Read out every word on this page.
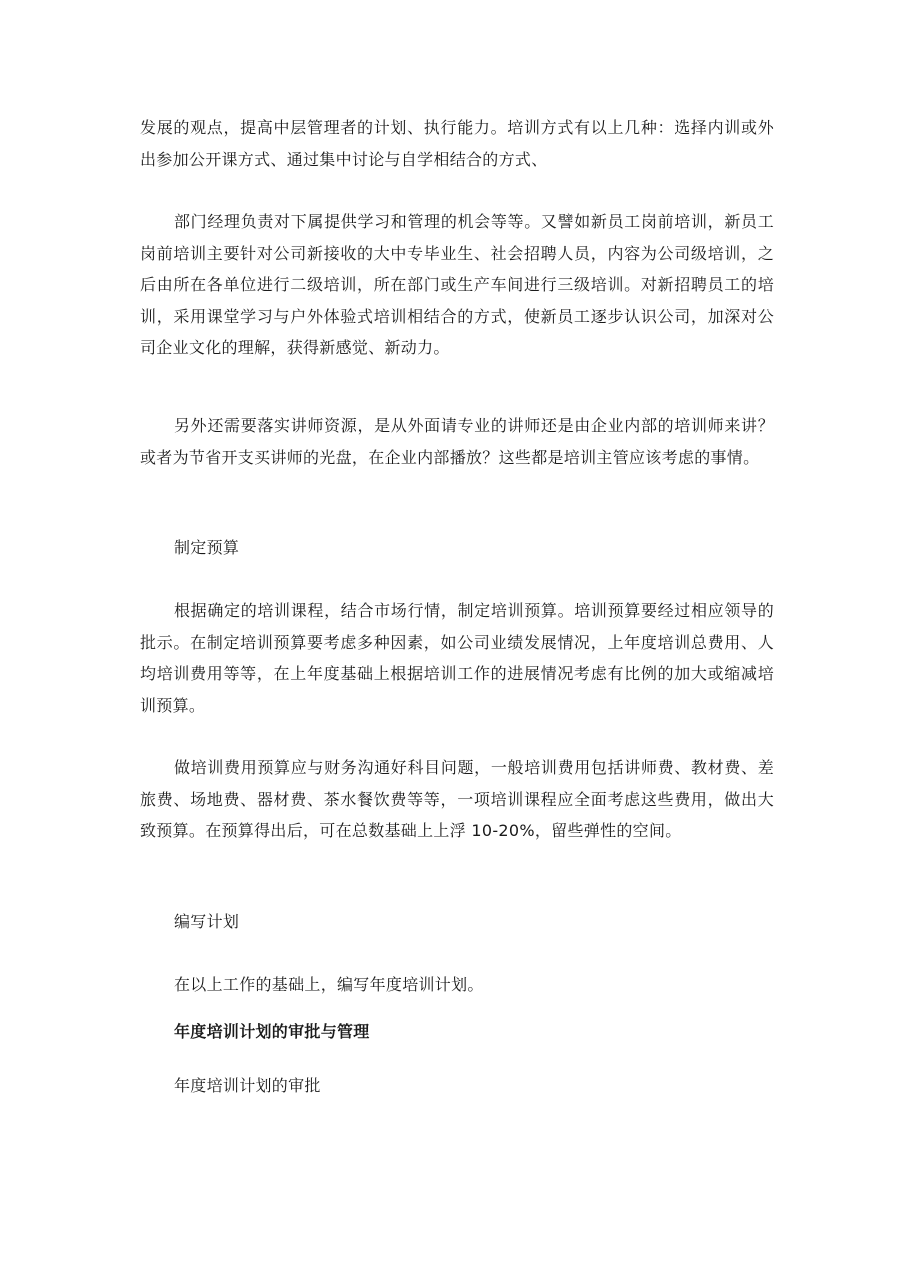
发展的观点，提高中层管理者的计划、执行能力。培训方式有以上几种：选择内训或外出参加公开课方式、通过集中讨论与自学相结合的方式、

部门经理负责对下属提供学习和管理的机会等等。又譬如新员工岗前培训，新员工岗前培训主要针对公司新接收的大中专毕业生、社会招聘人员，内容为公司级培训，之后由所在各单位进行二级培训，所在部门或生产车间进行三级培训。对新招聘员工的培训，采用课堂学习与户外体验式培训相结合的方式，使新员工逐步认识公司，加深对公司企业文化的理解，获得新感觉、新动力。

另外还需要落实讲师资源，是从外面请专业的讲师还是由企业内部的培训师来讲？或者为节省开支买讲师的光盘，在企业内部播放？这些都是培训主管应该考虑的事情。

制定预算

根据确定的培训课程，结合市场行情，制定培训预算。培训预算要经过相应领导的批示。在制定培训预算要考虑多种因素，如公司业绩发展情况，上年度培训总费用、人均培训费用等等，在上年度基础上根据培训工作的进展情况考虑有比例的加大或缩减培训预算。

做培训费用预算应与财务沟通好科目问题，一般培训费用包括讲师费、教材费、差旅费、场地费、器材费、茶水餐饮费等等，一项培训课程应全面考虑这些费用，做出大致预算。在预算得出后，可在总数基础上上浮 10-20%，留些弹性的空间。

编写计划

在以上工作的基础上，编写年度培训计划。

年度培训计划的审批与管理

年度培训计划的审批
